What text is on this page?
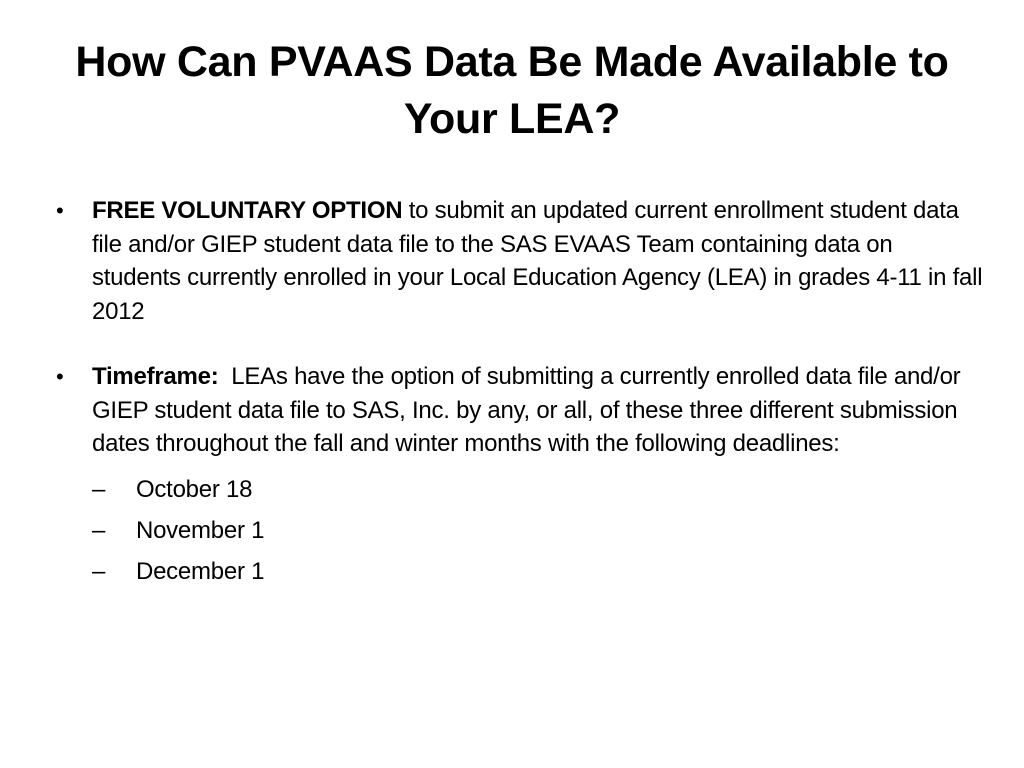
How Can PVAAS Data Be Made Available to Your LEA?

• FREE VOLUNTARY OPTION to submit an updated current enrollment student data file and/or GIEP student data file to the SAS EVAAS Team containing data on students currently enrolled in your Local Education Agency (LEA) in grades 4-11 in fall 2012

• Timeframe:  LEAs have the option of submitting a currently enrolled data file and/or GIEP student data file to SAS, Inc. by any, or all, of these three different submission dates throughout the fall and winter months with the following deadlines:
– October 18
– November 1
– December 1
